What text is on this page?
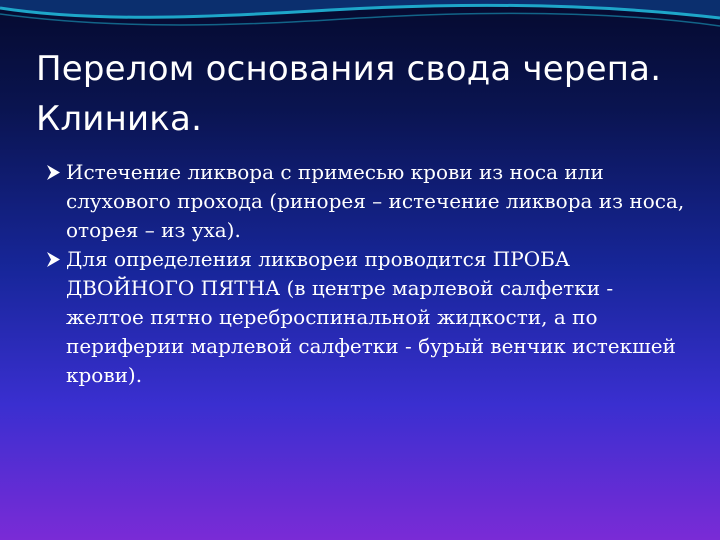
Перелом основания свода черепа. Клиника.
Истечение ликвора с примесью крови из носа или слухового прохода (ринорея – истечение ликвора из носа, оторея – из уха).
Для определения ликвореи проводится ПРОБА ДВОЙНОГО ПЯТНА (в центре марлевой салфетки - желтое пятно цереброспинальной жидкости, а по периферии марлевой салфетки - бурый венчик истекшей крови).
